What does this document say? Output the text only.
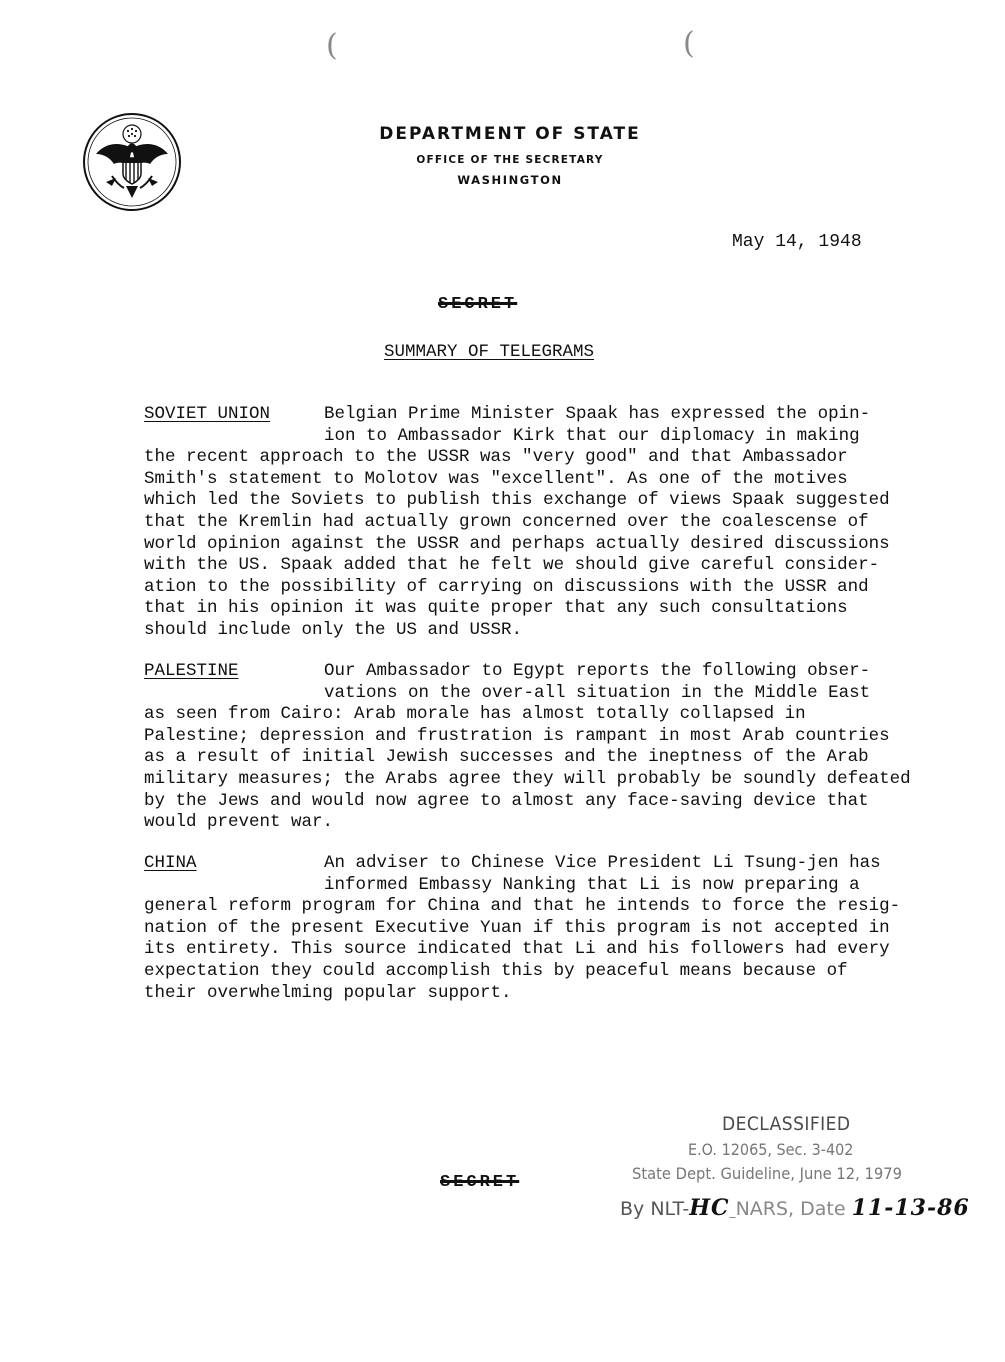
(	(
DEPARTMENT OF STATE
OFFICE OF THE SECRETARY
WASHINGTON
May 14, 1948
SECRET
SUMMARY OF TELEGRAMS
SOVIET UNION	Belgian Prime Minister Spaak has expressed the opin-
ion to Ambassador Kirk that our diplomacy in making
the recent approach to the USSR was "very good" and that Ambassador
Smith's statement to Molotov was "excellent". As one of the motives
which led the Soviets to publish this exchange of views Spaak suggested
that the Kremlin had actually grown concerned over the coalescense of
world opinion against the USSR and perhaps actually desired discussions
with the US. Spaak added that he felt we should give careful consider-
ation to the possibility of carrying on discussions with the USSR and
that in his opinion it was quite proper that any such consultations
should include only the US and USSR.
PALESTINE	Our Ambassador to Egypt reports the following obser-
vations on the over-all situation in the Middle East
as seen from Cairo: Arab morale has almost totally collapsed in
Palestine; depression and frustration is rampant in most Arab countries
as a result of initial Jewish successes and the ineptness of the Arab
military measures; the Arabs agree they will probably be soundly defeated
by the Jews and would now agree to almost any face-saving device that
would prevent war.
CHINA	An adviser to Chinese Vice President Li Tsung-jen has
informed Embassy Nanking that Li is now preparing a
general reform program for China and that he intends to force the resig-
nation of the present Executive Yuan if this program is not accepted in
its entirety. This source indicated that Li and his followers had every
expectation they could accomplish this by peaceful means because of
their overwhelming popular support.
DECLASSIFIED
E.O. 12065, Sec. 3-402
State Dept. Guideline, June 12, 1979
By NLT-HC NARS, Date 11-13-86
SECRET
